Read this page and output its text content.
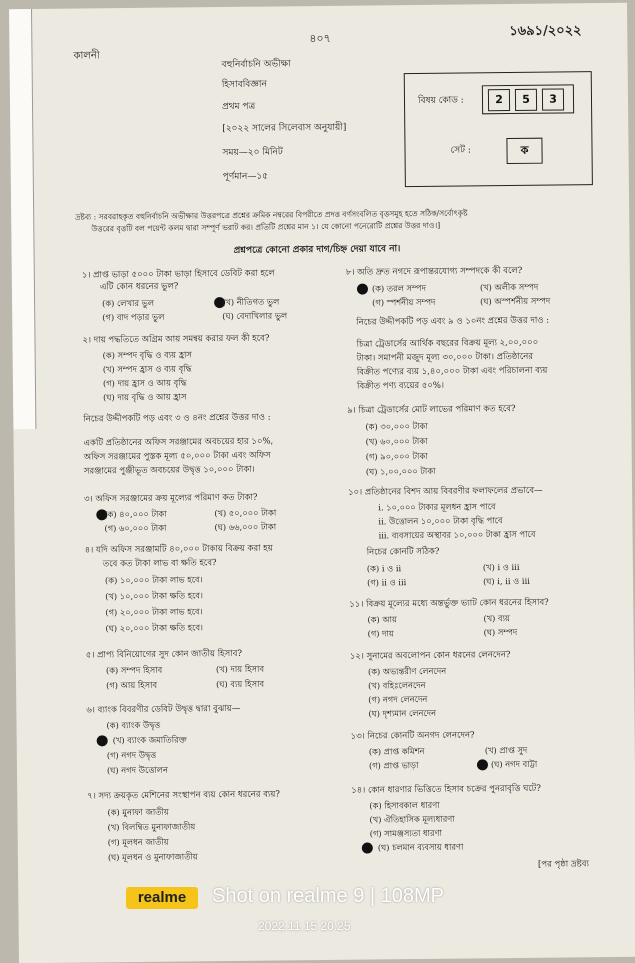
৪০৭	১৬৯১/২০২২
কালনী
বহুনির্বাচনি অভীক্ষা
হিসাববিজ্ঞান
প্রথম পত্র
[২০২২ সালের সিলেবাস অনুযায়ী]
সময়—২০ মিনিট
পূর্ণমান—১৫
বিষয় কোড :	2	5	3
সেট :	ক
দ্রষ্টব্য : সরবরাহকৃত বহুনির্বাচনি অভীক্ষার উত্তরপত্রে প্রশ্নের ক্রমিক নম্বরের বিপরীতে প্রদত্ত বর্ণসংবলিত বৃত্তসমূহ হতে সঠিক/সর্বোৎকৃষ্ট
উত্তরের বৃত্তটি বল পয়েন্ট কলম দ্বারা সম্পূর্ণ ভরাট কর। প্রতিটি প্রশ্নের মান ১। যে কোনো পনেরোটি প্রশ্নের উত্তর দাও।]
প্রশ্নপত্রে কোনো প্রকার দাগ/চিহ্ন দেয়া যাবে না।
১। প্রাপ্ত ভাড়া ৫০০০ টাকা ভাড়া হিসাবে ডেবিট করা হলে
এটি কোন ধরনের ভুল?
(ক) লেখার ভুল	(খ) নীতিগত ভুল
(গ) বাদ পড়ার ভুল	(ঘ) বেদাখিলার ভুল
২। দায় পদ্ধতিতে অগ্রিম আয় সমন্বয় করার ফল কী হবে?
(ক) সম্পদ বৃদ্ধি ও ব্যয় হ্রাস
(খ) সম্পদ হ্রাস ও ব্যয় বৃদ্ধি
(গ) দায় হ্রাস ও আয় বৃদ্ধি
(ঘ) দায় বৃদ্ধি ও আয় হ্রাস
নিচের উদ্দীপকটি পড় এবং ৩ ও ৪নং প্রশ্নের উত্তর দাও :
একটি প্রতিষ্ঠানের অফিস সরঞ্জামের অবচয়ের হার ১০%,
অফিস সরঞ্জামের পুস্তক মূল্য ৫০,০০০ টাকা এবং অফিস
সরঞ্জামের পুঞ্জীভূত অবচয়ের উদ্বৃত্ত ১০,০০০ টাকা।
৩। অফিস সরঞ্জামের ক্রয় মূল্যের পরিমাণ কত টাকা?
(ক) ৪০,০০০ টাকা	(খ) ৫০,০০০ টাকা
(গ) ৬০,০০০ টাকা	(ঘ) ৬৬,০০০ টাকা
৪। যদি অফিস সরঞ্জামটি ৪০,০০০ টাকায় বিক্রয় করা হয়
তবে কত টাকা লাভ বা ক্ষতি হবে?
(ক) ১০,০০০ টাকা লাভ হবে।
(খ) ১০,০০০ টাকা ক্ষতি হবে।
(গ) ২০,০০০ টাকা লাভ হবে।
(ঘ) ২০,০০০ টাকা ক্ষতি হবে।
৫। প্রাপ্য বিনিয়োগের সুদ কোন জাতীয় হিসাব?
(ক) সম্পদ হিসাব	(খ) দায় হিসাব
(গ) আয় হিসাব	(ঘ) ব্যয় হিসাব
৬। ব্যাংক বিবরণীর ডেবিট উদ্বৃত্ত দ্বারা বুঝায়—
(ক) ব্যাংক উদ্বৃত্ত
(খ) ব্যাংক জমাতিরিক্ত
(গ) নগদ উদ্বৃত্ত
(ঘ) নগদ উত্তোলন
৭। সদ্য ক্রয়কৃত মেশিনের সংস্থাপন ব্যয় কোন ধরনের ব্যয়?
(ক) মুনাফা জাতীয়
(খ) বিলম্বিত মুনাফাজাতীয়
(গ) মূলধন জাতীয়
(ঘ) মূলধন ও মুনাফাজাতীয়
৮। অতি দ্রুত নগদে রূপান্তরযোগ্য সম্পদকে কী বলে?
(ক) তরল সম্পদ	(খ) অলীক সম্পদ
(গ) স্পর্শনীয় সম্পদ	(ঘ) অস্পর্শনীয় সম্পদ
নিচের উদ্দীপকটি পড় এবং ৯ ও ১০নং প্রশ্নের উত্তর দাও :
চিত্রা ট্রেডার্সের আর্থিক বছরের বিক্রয় মূল্য ২,০০,০০০
টাকা। সমাপনী মজুদ মূল্য ৩০,০০০ টাকা। প্রতিষ্ঠানের
বিক্রীত পণ্যের ব্যয় ১,৪০,০০০ টাকা এবং পরিচালনা ব্যয়
বিক্রীত পণ্য ব্যয়ের ৫০%।
৯। চিত্রা ট্রেডার্সের মোট লাভের পরিমাণ কত হবে?
(ক) ৩০,০০০ টাকা
(খ) ৬০,০০০ টাকা
(গ) ৯০,০০০ টাকা
(ঘ) ১,০০,০০০ টাকা
১০। প্রতিষ্ঠানের বিশদ আয় বিবরণীর ফলাফলের প্রভাবে—
i. ১০,০০০ টাকার মূলধন হ্রাস পাবে
ii. উত্তোলন ১০,০০০ টাকা বৃদ্ধি পাবে
iii. ব্যবসায়ের অস্থাবর ১০,০০০ টাকা হ্রাস পাবে
নিচের কোনটি সঠিক?
(ক) i ও ii	(খ) i ও iii
(গ) ii ও iii	(ঘ) i, ii ও iii
১১। বিক্রয় মূল্যের মধ্যে অন্তর্ভুক্ত ভ্যাট কোন ধরনের হিসাব?
(ক) আয়	(খ) ব্যয়
(গ) দায়	(ঘ) সম্পদ
১২। সুনামের অবলোপন কোন ধরনের লেনদেন?
(ক) অভ্যন্তরীণ লেনদেন
(খ) বহিঃলেনদেন
(গ) নগদ লেনদেন
(ঘ) দৃশ্যমান লেনদেন
১৩। নিচের কোনটি অনগদ লেনদেন?
(ক) প্রাপ্ত কমিশন	(খ) প্রাপ্ত সুদ
(গ) প্রাপ্ত ভাড়া	(ঘ) নগদ বাট্টা
১৪। কোন ধারণার ভিত্তিতে হিসাব চক্রের পুনরাবৃত্তি ঘটে?
(ক) হিসাবকাল ধারণা
(খ) ঐতিহাসিক মূল্যধারণা
(গ) সামঞ্জস্যতা ধারণা
(ঘ) চলমান ব্যবসায় ধারণা
[পর পৃষ্ঠা দ্রষ্টব্য
realme	Shot on realme 9 | 108MP
2022.11.15 20:25
